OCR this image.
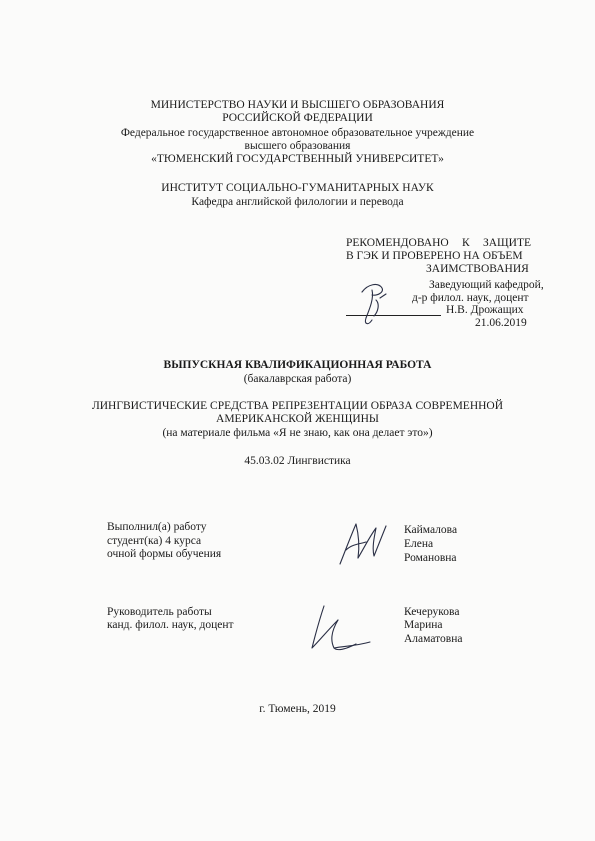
МИНИСТЕРСТВО НАУКИ И ВЫСШЕГО ОБРАЗОВАНИЯ
РОССИЙСКОЙ ФЕДЕРАЦИИ
Федеральное государственное автономное образовательное учреждение
высшего образования
«ТЮМЕНСКИЙ ГОСУДАРСТВЕННЫЙ УНИВЕРСИТЕТ»
ИНСТИТУТ СОЦИАЛЬНО-ГУМАНИТАРНЫХ НАУК
Кафедра английской филологии и перевода
РЕКОМЕНДОВАНО К ЗАЩИТЕ
В ГЭК И ПРОВЕРЕНО НА ОБЪЕМ
ЗАИМСТВОВАНИЯ
Заведующий кафедрой,
д-р филол. наук, доцент
Н.В. Дрожащих
21.06.2019
ВЫПУСКНАЯ КВАЛИФИКАЦИОННАЯ РАБОТА
(бакалаврская работа)
ЛИНГВИСТИЧЕСКИЕ СРЕДСТВА РЕПРЕЗЕНТАЦИИ ОБРАЗА СОВРЕМЕННОЙ
АМЕРИКАНСКОЙ ЖЕНЩИНЫ
(на материале фильма «Я не знаю, как она делает это»)
45.03.02 Лингвистика
Выполнил(а) работу
студент(ка) 4 курса
очной формы обучения
Каймалова
Елена
Романовна
Руководитель работы
канд. филол. наук, доцент
Кечерукова
Марина
Аламатовна
г. Тюмень, 2019
